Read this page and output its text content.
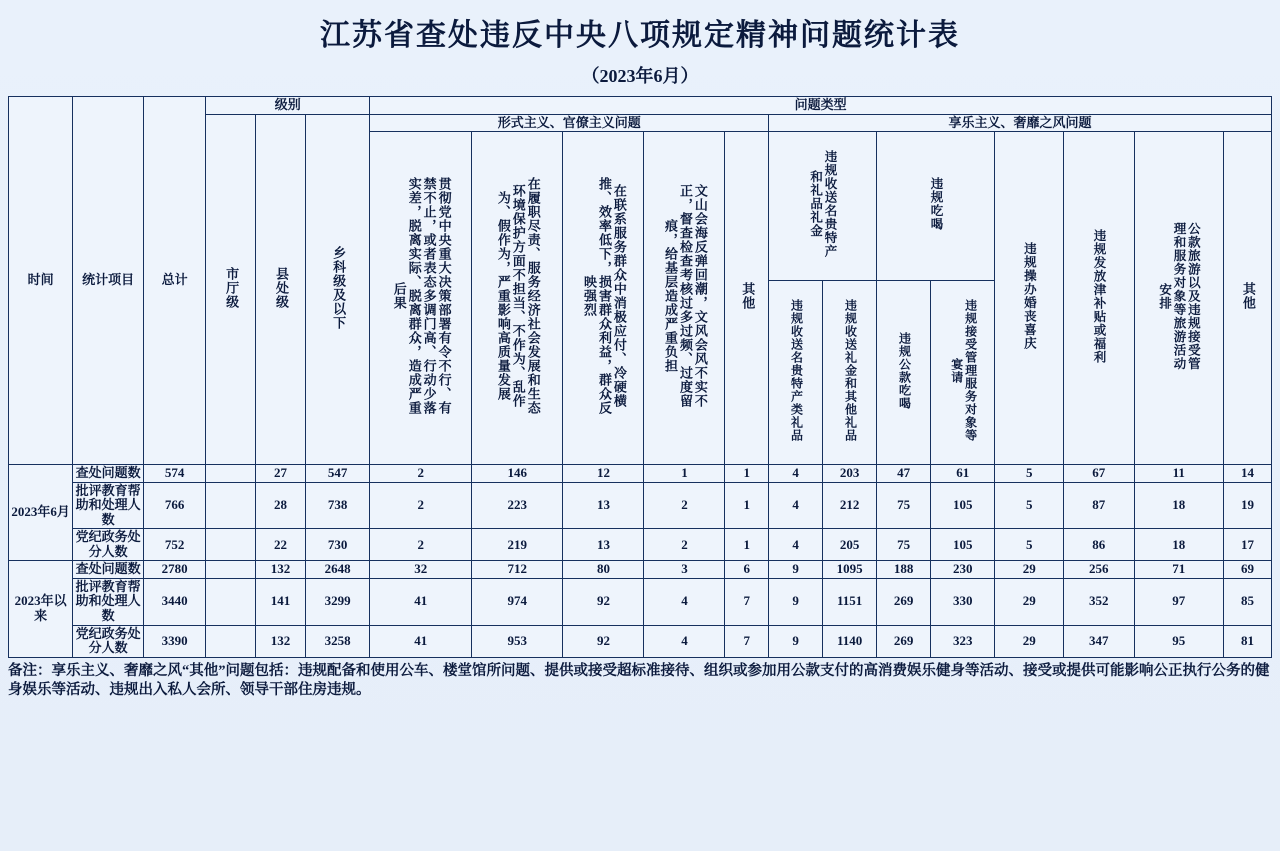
江苏省查处违反中央八项规定精神问题统计表
（2023年6月）
时间	统计项目	总计	级别			问题类型												
			市厅级	县处级	乡科级及以下	形式主义、官僚主义问题					享乐主义、奢靡之风问题							
						贯彻党中央重大决策部署有令不行、有禁不止，或者表态多调门高、行动少落实差，脱离实际、脱离群众，造成严重后果	在履职尽责、服务经济社会发展和生态环境保护方面不担当、不作为、乱作为、假作为，严重影响高质量发展	在联系服务群众中消极应付、冷硬横推、效率低下，损害群众利益，群众反映强烈	文山会海反弹回潮，文风会风不实不正，督查检查考核过多过频、过度留痕，给基层造成严重负担	其他	违规收送名贵特产和礼品礼金		违规吃喝		违规操办婚丧喜庆	违规发放津补贴或福利	公款旅游以及违规接受管理和服务对象等旅游活动安排	其他
											违规收送名贵特产类礼品	违规收送礼金和其他礼品	违规公款吃喝	违规接受管理服务对象等宴请				
2023年6月	查处问题数	574		27	547	2	146	12	1	1	4	203	47	61	5	67	11	14
	批评教育帮助和处理人数	766		28	738	2	223	13	2	1	4	212	75	105	5	87	18	19
	党纪政务处分人数	752		22	730	2	219	13	2	1	4	205	75	105	5	86	18	17
2023年以来	查处问题数	2780		132	2648	32	712	80	3	6	9	1095	188	230	29	256	71	69
	批评教育帮助和处理人数	3440		141	3299	41	974	92	4	7	9	1151	269	330	29	352	97	85
	党纪政务处分人数	3390		132	3258	41	953	92	4	7	9	1140	269	323	29	347	95	81
备注：享乐主义、奢靡之风“其他”问题包括：违规配备和使用公车、楼堂馆所问题、提供或接受超标准接待、组织或参加用公款支付的高消费娱乐健身等活动、接受或提供可能影响公正执行公务的健身娱乐等活动、违规出入私人会所、领导干部住房违规。
